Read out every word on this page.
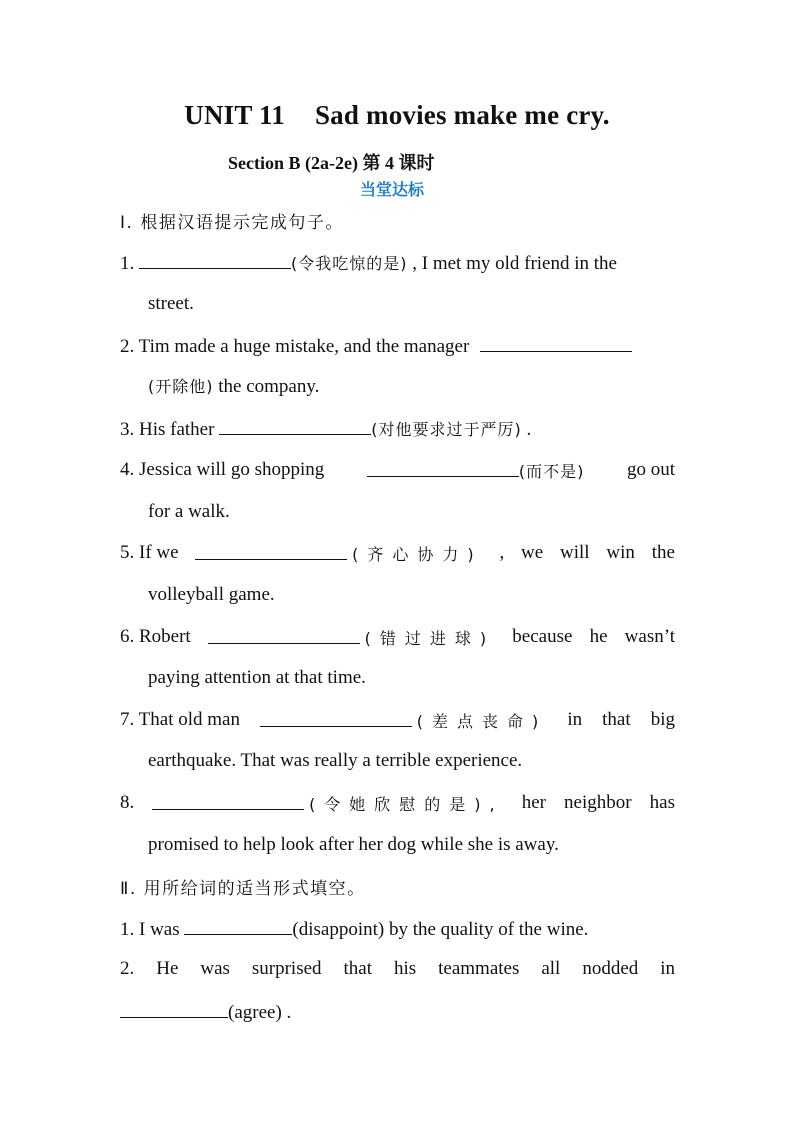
UNIT 11 Sad movies make me cry.
Section B (2a-2e) 第 4 课时
当堂达标
Ⅰ. 根据汉语提示完成句子。
1.	(令我吃惊的是) , I met my old friend in the
street.
2. Tim made a huge mistake, and the manager
(开除他) the company.
3. His father	(对他要求过于严厉) .
4. Jessica will go shopping	(而不是) go out
for a walk.
5. If we	(齐心协力) , we will win the
volleyball game.
6. Robert	(错过进球) because he wasn’t
paying attention at that time.
7. That old man	(差点丧命) in that big
earthquake. That was really a terrible experience.
8.	(令她欣慰的是), her neighbor has
promised to help look after her dog while she is away.
Ⅱ. 用所给词的适当形式填空。
1. I was	(disappoint) by the quality of the wine.
2. He was surprised that his teammates all nodded in
(agree) .
